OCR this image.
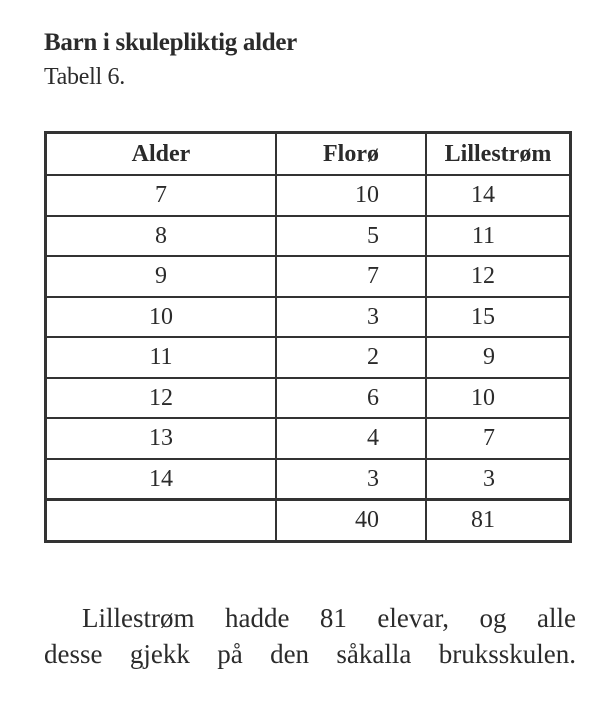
Barn i skulepliktig alder
Tabell 6.
Alder	Florø	Lillestrøm
7	10	14
8	5	11
9	7	12
10	3	15
11	2	9
12	6	10
13	4	7
14	3	3
	40	81
Lillestrøm hadde 81 elevar, og alle
desse gjekk på den såkalla bruksskulen.
